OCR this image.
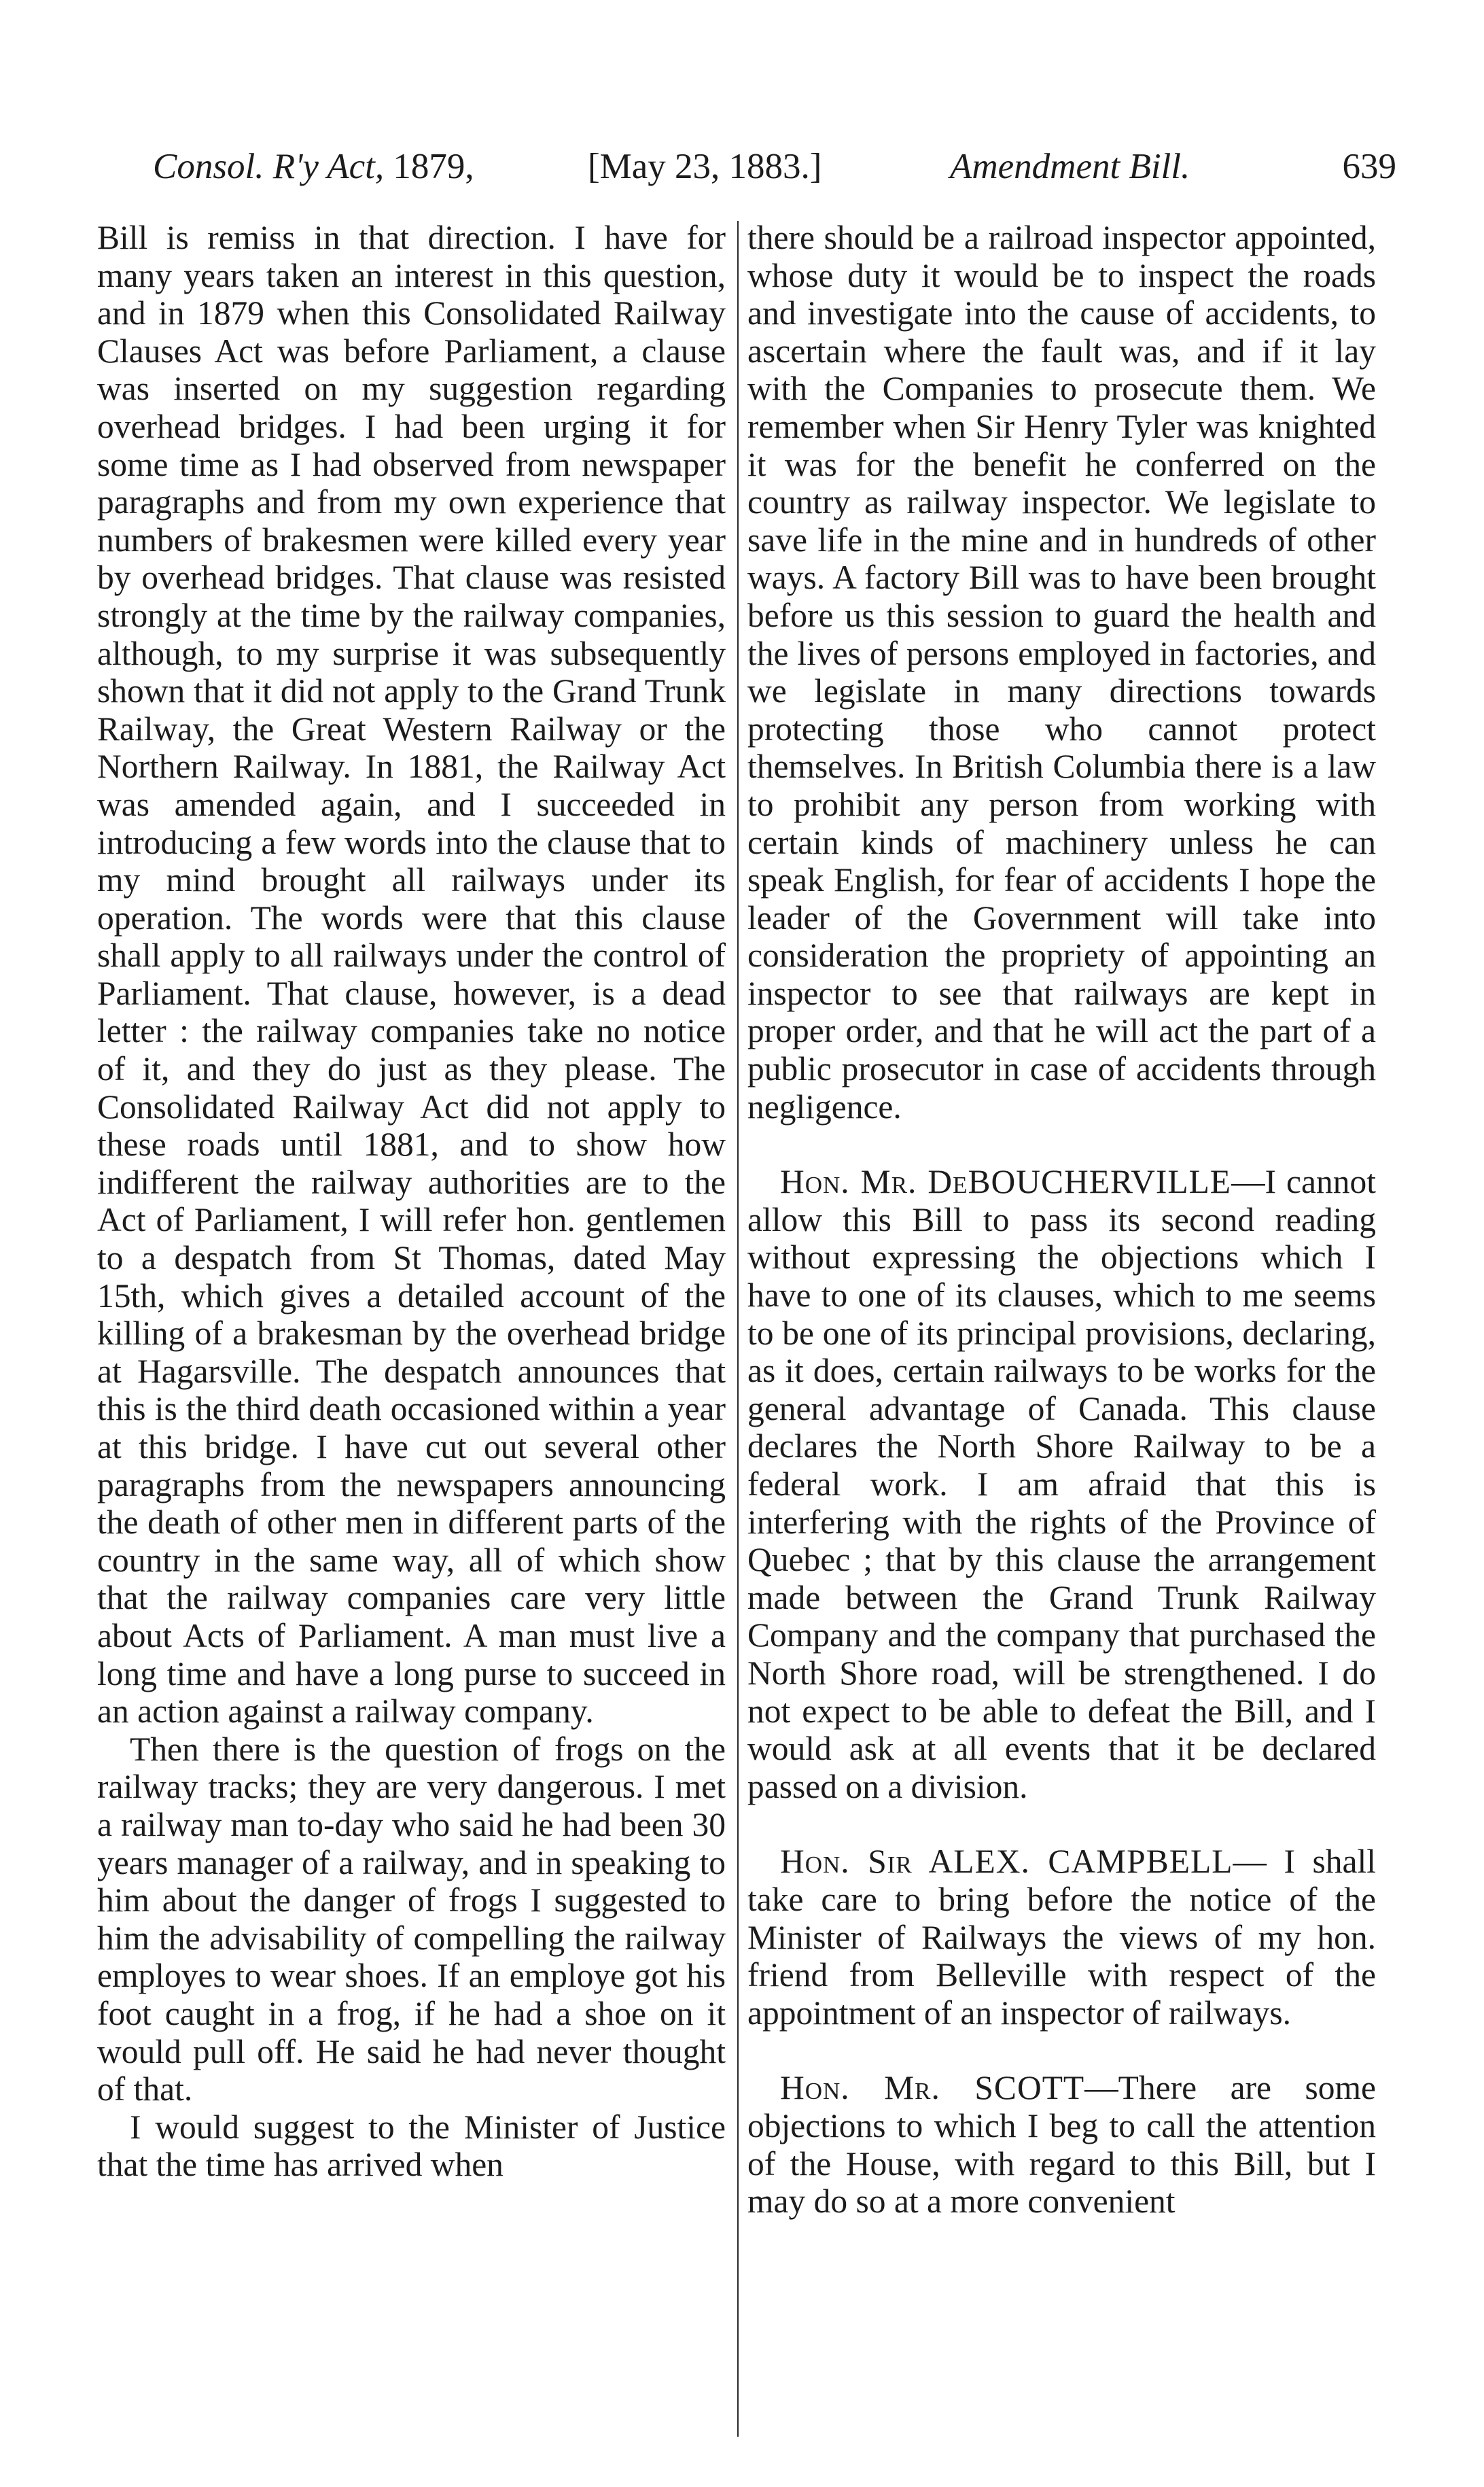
Consol. R'y Act, 1879,	[May 23, 1883.]	Amendment Bill.	639

Bill is remiss in that direction. I have for many years taken an interest in this question, and in 1879 when this Consolidated Railway Clauses Act was before Parliament, a clause was inserted on my suggestion regarding overhead bridges. I had been urging it for some time as I had observed from newspaper paragraphs and from my own experience that numbers of brakesmen were killed every year by overhead bridges. That clause was resisted strongly at the time by the railway companies, although, to my surprise it was subsequently shown that it did not apply to the Grand Trunk Railway, the Great Western Railway or the Northern Railway. In 1881, the Railway Act was amended again, and I succeeded in introducing a few words into the clause that to my mind brought all railways under its operation. The words were that this clause shall apply to all railways under the control of Parliament. That clause, however, is a dead letter : the railway companies take no notice of it, and they do just as they please. The Consolidated Railway Act did not apply to these roads until 1881, and to show how indifferent the railway authorities are to the Act of Parliament, I will refer hon. gentlemen to a despatch from St Thomas, dated May 15th, which gives a detailed account of the killing of a brakesman by the overhead bridge at Hagarsville. The despatch announces that this is the third death occasioned within a year at this bridge. I have cut out several other paragraphs from the newspapers announcing the death of other men in different parts of the country in the same way, all of which show that the railway companies care very little about Acts of Parliament. A man must live a long time and have a long purse to succeed in an action against a railway company.

Then there is the question of frogs on the railway tracks; they are very dangerous. I met a railway man to-day who said he had been 30 years manager of a railway, and in speaking to him about the danger of frogs I suggested to him the advisability of compelling the railway employes to wear shoes. If an employe got his foot caught in a frog, if he had a shoe on it would pull off. He said he had never thought of that.

I would suggest to the Minister of Justice that the time has arrived when

there should be a railroad inspector appointed, whose duty it would be to inspect the roads and investigate into the cause of accidents, to ascertain where the fault was, and if it lay with the Companies to prosecute them. We remember when Sir Henry Tyler was knighted it was for the benefit he conferred on the country as railway inspector. We legislate to save life in the mine and in hundreds of other ways. A factory Bill was to have been brought before us this session to guard the health and the lives of persons employed in factories, and we legislate in many directions towards protecting those who cannot protect themselves. In British Columbia there is a law to prohibit any person from working with certain kinds of machinery unless he can speak English, for fear of accidents I hope the leader of the Government will take into consideration the propriety of appointing an inspector to see that railways are kept in proper order, and that he will act the part of a public prosecutor in case of accidents through negligence.

Hon. Mr. DeBOUCHERVILLE—I cannot allow this Bill to pass its second reading without expressing the objections which I have to one of its clauses, which to me seems to be one of its principal provisions, declaring, as it does, certain railways to be works for the general advantage of Canada. This clause declares the North Shore Railway to be a federal work. I am afraid that this is interfering with the rights of the Province of Quebec ; that by this clause the arrangement made between the Grand Trunk Railway Company and the company that purchased the North Shore road, will be strengthened. I do not expect to be able to defeat the Bill, and I would ask at all events that it be declared passed on a division.

Hon. Sir ALEX. CAMPBELL— I shall take care to bring before the notice of the Minister of Railways the views of my hon. friend from Belleville with respect of the appointment of an inspector of railways.

Hon. Mr. SCOTT—There are some objections to which I beg to call the attention of the House, with regard to this Bill, but I may do so at a more convenient
